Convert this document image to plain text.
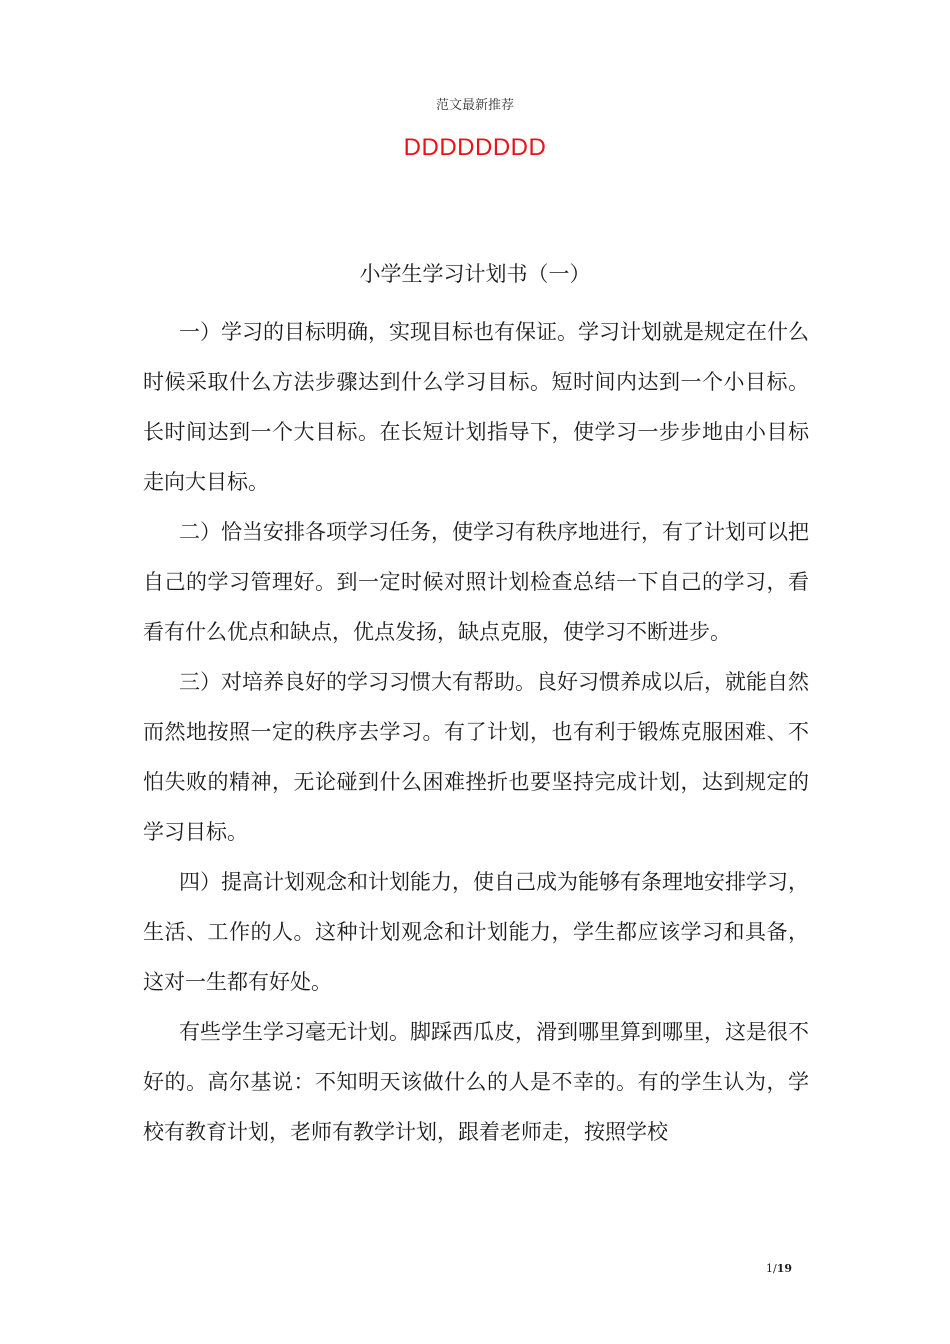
范文最新推荐

DDDDDDDD

小学生学习计划书（一）

一）学习的目标明确，实现目标也有保证。学习计划就是规定在什么时候采取什么方法步骤达到什么学习目标。短时间内达到一个小目标。长时间达到一个大目标。在长短计划指导下，使学习一步步地由小目标走向大目标。

二）恰当安排各项学习任务，使学习有秩序地进行，有了计划可以把自己的学习管理好。到一定时候对照计划检查总结一下自己的学习，看看有什么优点和缺点，优点发扬，缺点克服，使学习不断进步。

三）对培养良好的学习习惯大有帮助。良好习惯养成以后，就能自然而然地按照一定的秩序去学习。有了计划，也有利于锻炼克服困难、不怕失败的精神，无论碰到什么困难挫折也要坚持完成计划，达到规定的学习目标。

四）提高计划观念和计划能力，使自己成为能够有条理地安排学习，生活、工作的人。这种计划观念和计划能力，学生都应该学习和具备，这对一生都有好处。

有些学生学习毫无计划。脚踩西瓜皮，滑到哪里算到哪里，这是很不好的。高尔基说：不知明天该做什么的人是不幸的。有的学生认为，学校有教育计划，老师有教学计划，跟着老师走，按照学校

1/19
